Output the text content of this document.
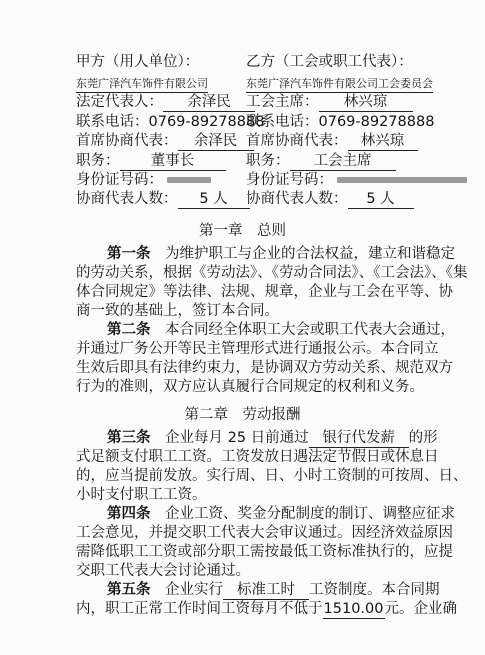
甲方（用人单位）：
东莞广泽汽车饰件有限公司
法定代表人： 余泽民
联系电话：0769-89278888
首席协商代表： 余泽民
职务： 董事长
身份证号码：
协商代表人数： 5 人
乙方（工会或职工代表）：
东莞广泽汽车饰件有限公司工会委员会
工会主席： 林兴琼
联系电话：0769-89278888
首席协商代表： 林兴琼
职务： 工会主席
身份证号码：
协商代表人数： 5 人
第一章　总则
第一条　 为维护职工与企业的合法权益，建立和谐稳定
的劳动关系，根据《劳动法》、《劳动合同法》、《工会法》、《集
体合同规定》等法律、法规、规章，企业与工会在平等、协
商一致的基础上，签订本合同。
第二条　 本合同经全体职工大会或职工代表大会通过，
并通过厂务公开等民主管理形式进行通报公示。本合同立
生效后即具有法律约束力，是协调双方劳动关系、规范双方
行为的准则，双方应认真履行合同规定的权利和义务。
第二章　劳动报酬
第三条　 企业每月 25 日前通过 银行代发薪 的形
式足额支付职工工资。工资发放日遇法定节假日或休息日
的，应当提前发放。实行周、日、小时工资制的可按周、日、
小时支付职工工资。
第四条　 企业工资、奖金分配制度的制订、调整应征求
工会意见，并提交职工代表大会审议通过。因经济效益原因
需降低职工工资或部分职工需按最低工资标准执行的，应提
交职工代表大会讨论通过。
第五条　 企业实行 标准工时 工资制度。本合同期
内，职工正常工作时间工资每月不低于1510.00元。企业确
